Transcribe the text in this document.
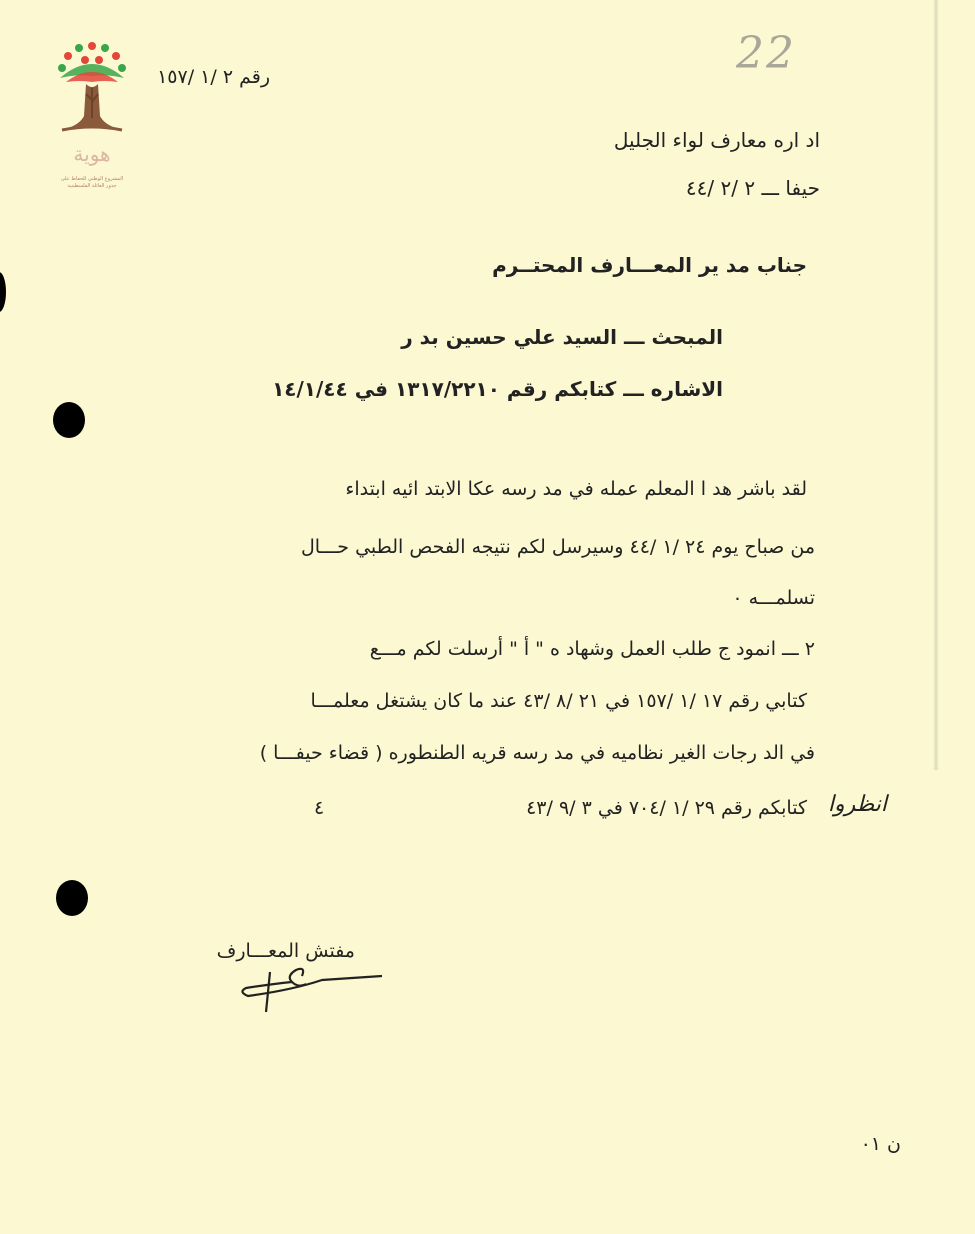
هوية
المشروع الوطني للحفاظ على
جذور العائلة الفلسطينية
رقم ٢ /١ /١٥٧	22
اد اره معارف لواء الجليل
حيفا ـــ ٢ /٢ /٤٤
جناب مد ير المعـــارف المحتــرم
المبحث ـــ السيد علي حسين بد ر
الاشاره ـــ كتابكم رقم ١٣١٧/٢٢١٠ في ١٤/١/٤٤
لقد باشر هد ا المعلم عمله في مد رسه عكا الابتد ائيه ابتداء
من صباح يوم ٢٤ /١ /٤٤ وسيرسل لكم نتيجه الفحص الطبي حـــال
تسلمـــه ٠
٢ ـــ انمود ج طلب العمل وشهاد ه " أ " أرسلت لكم مـــع
كتابي رقم ١٧ /١ /١٥٧ في ٢١ /٨ /٤٣ عند ما كان يشتغل معلمـــا
في الد رجات الغير نظاميه في مد رسه قريه الطنطوره ( قضاء حيفـــا )
كتابكم رقم ٢٩ /١ /٧٠٤ في ٣ /٩ /٤٣ انظروا
٤
مفتش المعـــارف
ن ٠١
